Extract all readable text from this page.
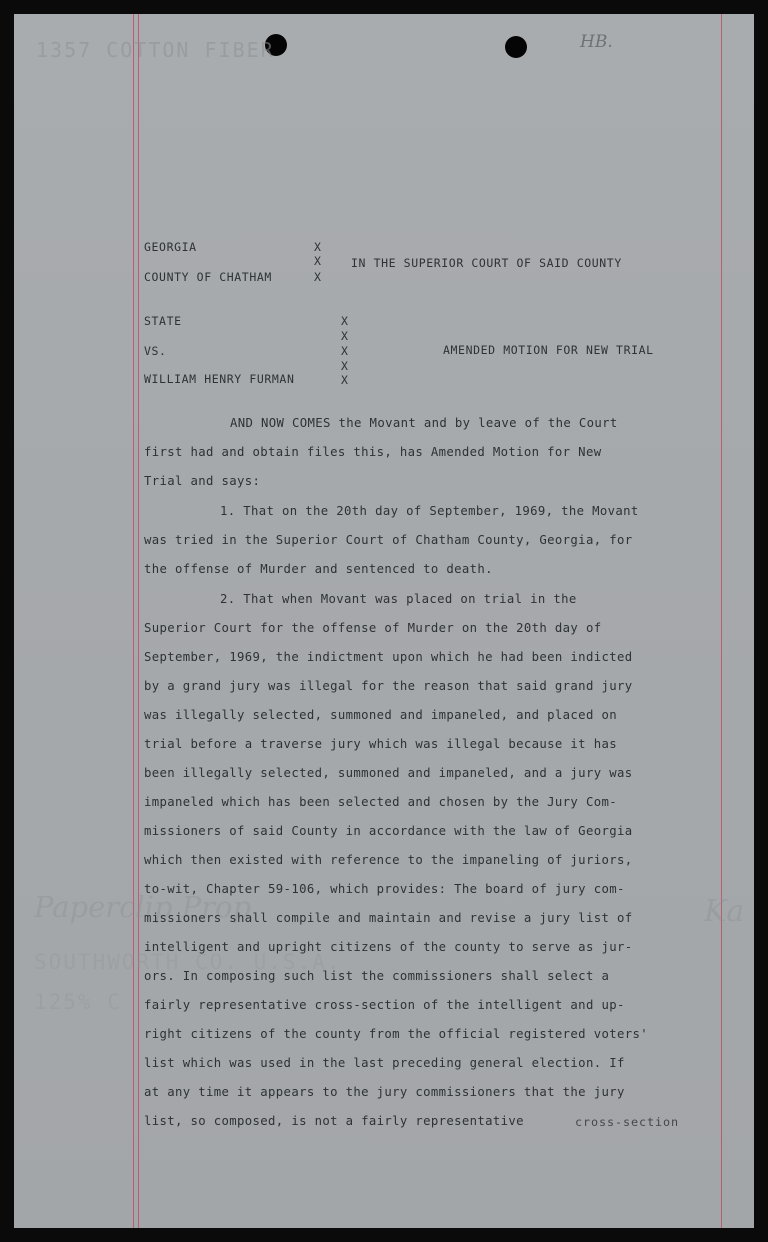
1357 COTTON FIBER	HB.
Paperclip Prop
SOUTHWORTH CO. U.S.A.
125% C
Ka
GEORGIA
COUNTY OF CHATHAM
X
X
X
IN THE SUPERIOR COURT OF SAID COUNTY
STATE
VS.
WILLIAM HENRY FURMAN
X
X
X
X
X
AMENDED MOTION FOR NEW TRIAL
AND NOW COMES the Movant and by leave of the Court
first had and obtain files this, has Amended Motion for New
Trial and says:
1. That on the 20th day of September, 1969, the Movant
was tried in the Superior Court of Chatham County, Georgia, for
the offense of Murder and sentenced to death.
2. That when Movant was placed on trial in the
Superior Court for the offense of Murder on the 20th day of
September, 1969, the indictment upon which he had been indicted
by a grand jury was illegal for the reason that said grand jury
was illegally selected, summoned and impaneled, and placed on
trial before a traverse jury which was illegal because it has
been illegally selected, summoned and impaneled, and a jury was
impaneled which has been selected and chosen by the Jury Com-
missioners of said County in accordance with the law of Georgia
which then existed with reference to the impaneling of juriors,
to-wit, Chapter 59-106, which provides: The board of jury com-
missioners shall compile and maintain and revise a jury list of
intelligent and upright citizens of the county to serve as jur-
ors. In composing such list the commissioners shall select a
fairly representative cross-section of the intelligent and up-
right citizens of the county from the official registered voters'
list which was used in the last preceding general election. If
at any time it appears to the jury commissioners that the jury
list, so composed, is not a fairly representative	cross-section
